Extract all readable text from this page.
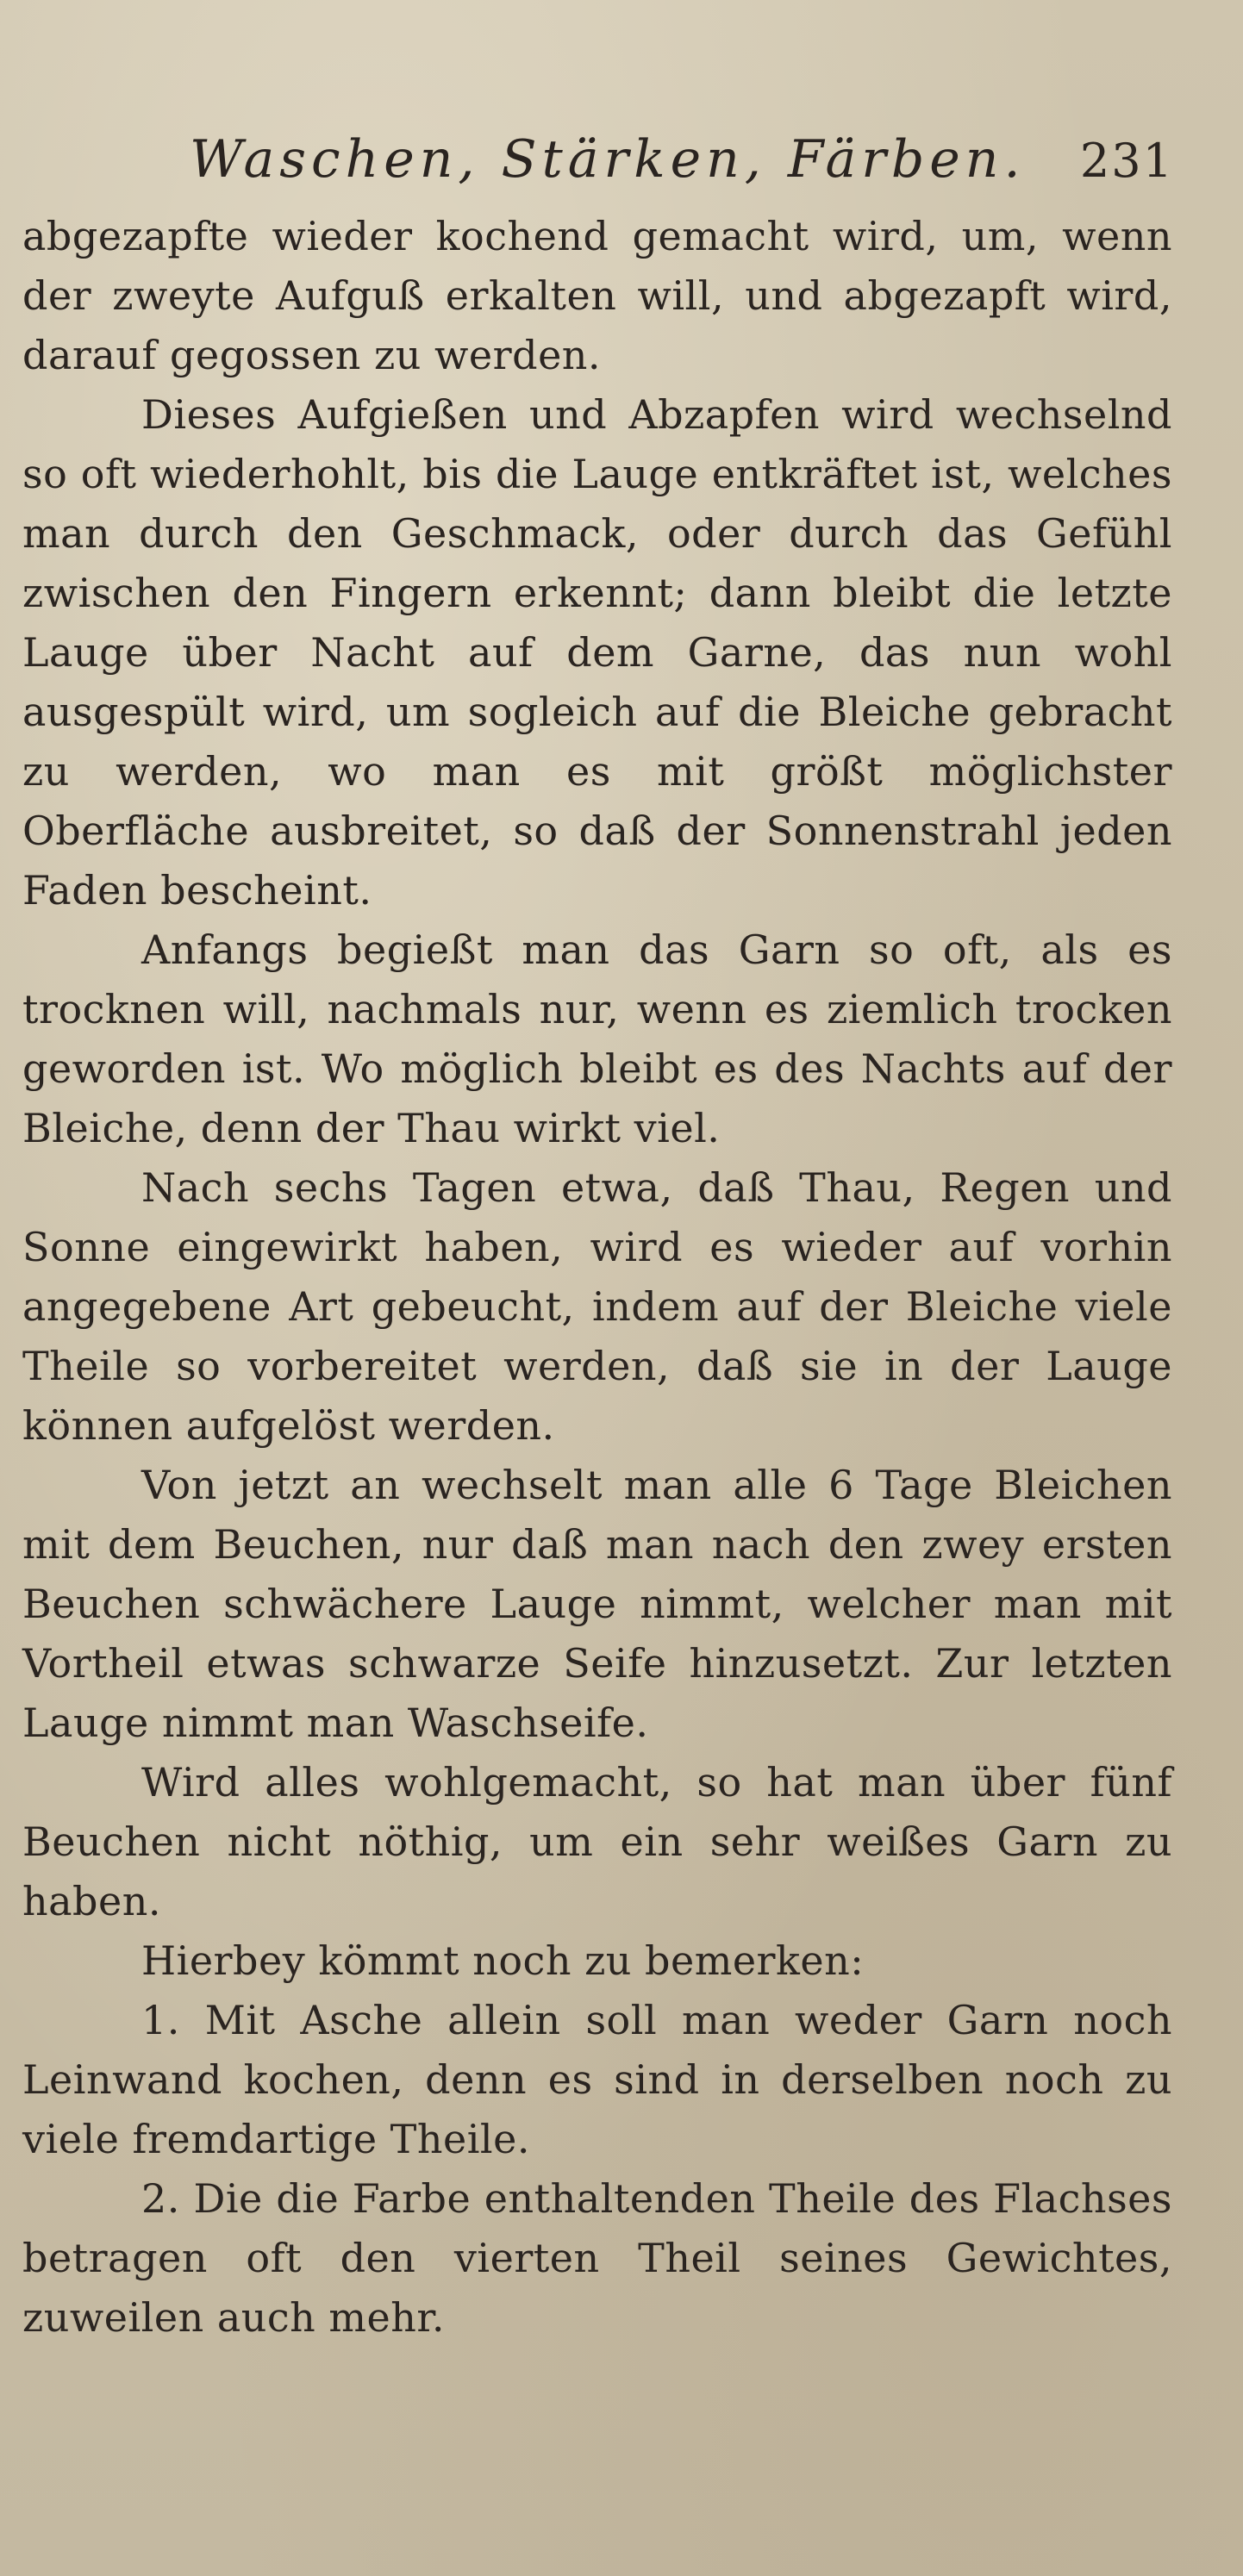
Waschen, Stärken, Färben. 231

abgezapfte wieder kochend gemacht wird, um, wenn der zweyte Aufguß erkalten will, und abgezapft wird, darauf gegossen zu werden.

Dieses Aufgießen und Abzapfen wird wechselnd so oft wiederhohlt, bis die Lauge entkräftet ist, welches man durch den Geschmack, oder durch das Gefühl zwischen den Fingern erkennt; dann bleibt die letzte Lauge über Nacht auf dem Garne, das nun wohl ausgespült wird, um sogleich auf die Bleiche gebracht zu werden, wo man es mit größt möglichster Oberfläche ausbreitet, so daß der Sonnenstrahl jeden Faden bescheint.

Anfangs begießt man das Garn so oft, als es trocknen will, nachmals nur, wenn es ziemlich trocken geworden ist. Wo möglich bleibt es des Nachts auf der Bleiche, denn der Thau wirkt viel.

Nach sechs Tagen etwa, daß Thau, Regen und Sonne eingewirkt haben, wird es wieder auf vorhin angegebene Art gebeucht, indem auf der Bleiche viele Theile so vorbereitet werden, daß sie in der Lauge können aufgelöst werden.

Von jetzt an wechselt man alle 6 Tage Bleichen mit dem Beuchen, nur daß man nach den zwey ersten Beuchen schwächere Lauge nimmt, welcher man mit Vortheil etwas schwarze Seife hinzusetzt. Zur letzten Lauge nimmt man Waschseife.

Wird alles wohlgemacht, so hat man über fünf Beuchen nicht nöthig, um ein sehr weißes Garn zu haben.

Hierbey kömmt noch zu bemerken:

1. Mit Asche allein soll man weder Garn noch Leinwand kochen, denn es sind in derselben noch zu viele fremdartige Theile.

2. Die die Farbe enthaltenden Theile des Flachses betragen oft den vierten Theil seines Gewichtes, zuweilen auch mehr.
